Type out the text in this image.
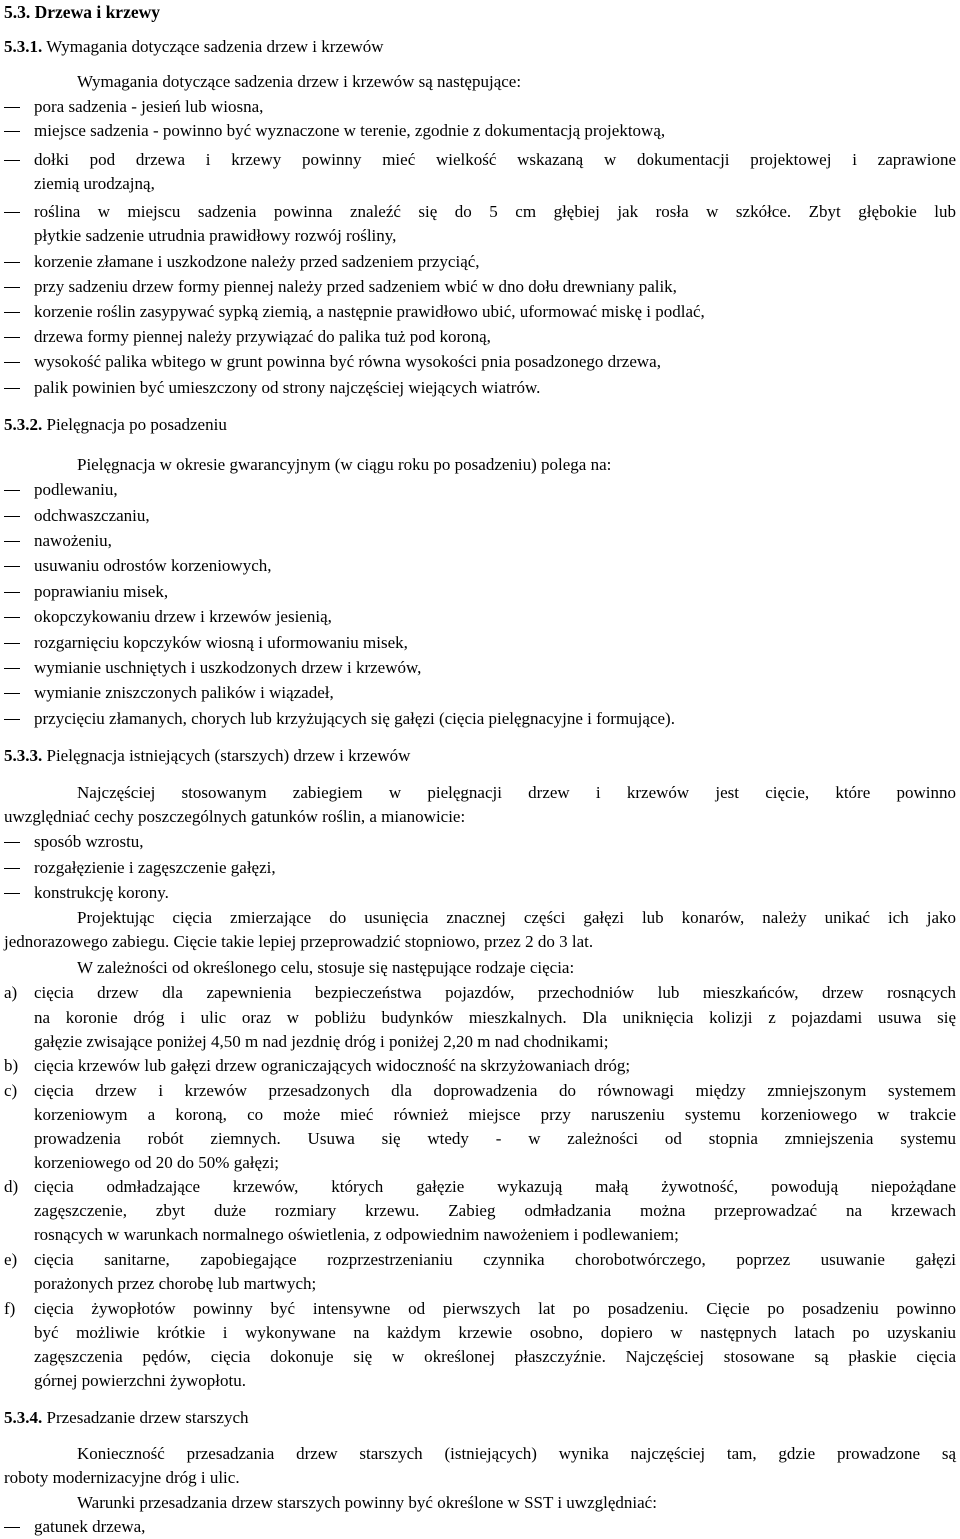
5.3. Drzewa i krzewy
5.3.1. Wymagania dotyczące sadzenia drzew i krzewów
Wymagania dotyczące sadzenia drzew i krzewów są następujące:
pora sadzenia - jesień lub wiosna,
miejsce sadzenia - powinno być wyznaczone w terenie, zgodnie z dokumentacją projektową,
dołki pod drzewa i krzewy powinny mieć wielkość wskazaną w dokumentacji projektowej i zaprawione
ziemią urodzajną,
roślina w miejscu sadzenia powinna znaleźć się do 5 cm głębiej jak rosła w szkółce. Zbyt głębokie lub
płytkie sadzenie utrudnia prawidłowy rozwój rośliny,
korzenie złamane i uszkodzone należy przed sadzeniem przyciąć,
przy sadzeniu drzew formy piennej należy przed sadzeniem wbić w dno dołu drewniany palik,
korzenie roślin zasypywać sypką ziemią, a następnie prawidłowo ubić, uformować miskę i podlać,
drzewa formy piennej należy przywiązać do palika tuż pod koroną,
wysokość palika wbitego w grunt powinna być równa wysokości pnia posadzonego drzewa,
palik powinien być umieszczony od strony najczęściej wiejących wiatrów.
5.3.2. Pielęgnacja po posadzeniu
Pielęgnacja w okresie gwarancyjnym (w ciągu roku po posadzeniu) polega na:
podlewaniu,
odchwaszczaniu,
nawożeniu,
usuwaniu odrostów korzeniowych,
poprawianiu misek,
okopczykowaniu drzew i krzewów jesienią,
rozgarnięciu kopczyków wiosną i uformowaniu misek,
wymianie uschniętych i uszkodzonych drzew i krzewów,
wymianie zniszczonych palików i wiązadeł,
przycięciu złamanych, chorych lub krzyżujących się gałęzi (cięcia pielęgnacyjne i formujące).
5.3.3. Pielęgnacja istniejących (starszych) drzew i krzewów
Najczęściej stosowanym zabiegiem w pielęgnacji drzew i krzewów jest cięcie, które powinno
uwzględniać cechy poszczególnych gatunków roślin, a mianowicie:
sposób wzrostu,
rozgałęzienie i zagęszczenie gałęzi,
konstrukcję korony.
Projektując cięcia zmierzające do usunięcia znacznej części gałęzi lub konarów, należy unikać ich jako
jednorazowego zabiegu. Cięcie takie lepiej przeprowadzić stopniowo, przez 2 do 3 lat.
W zależności od określonego celu, stosuje się następujące rodzaje cięcia:
a) cięcia drzew dla zapewnienia bezpieczeństwa pojazdów, przechodniów lub mieszkańców, drzew rosnących
na koronie dróg i ulic oraz w pobliżu budynków mieszkalnych. Dla uniknięcia kolizji z pojazdami usuwa się
gałęzie zwisające poniżej 4,50 m nad jezdnię dróg i poniżej 2,20 m nad chodnikami;
b) cięcia krzewów lub gałęzi drzew ograniczających widoczność na skrzyżowaniach dróg;
c) cięcia drzew i krzewów przesadzonych dla doprowadzenia do równowagi między zmniejszonym systemem
korzeniowym a koroną, co może mieć również miejsce przy naruszeniu systemu korzeniowego w trakcie
prowadzenia robót ziemnych. Usuwa się wtedy - w zależności od stopnia zmniejszenia systemu
korzeniowego od 20 do 50% gałęzi;
d) cięcia odmładzające krzewów, których gałęzie wykazują małą żywotność, powodują niepożądane
zagęszczenie, zbyt duże rozmiary krzewu. Zabieg odmładzania można przeprowadzać na krzewach
rosnących w warunkach normalnego oświetlenia, z odpowiednim nawożeniem i podlewaniem;
e) cięcia sanitarne, zapobiegające rozprzestrzenianiu czynnika chorobotwórczego, poprzez usuwanie gałęzi
porażonych przez chorobę lub martwych;
f) cięcia żywopłotów powinny być intensywne od pierwszych lat po posadzeniu. Cięcie po posadzeniu powinno
być możliwie krótkie i wykonywane na każdym krzewie osobno, dopiero w następnych latach po uzyskaniu
zagęszczenia pędów, cięcia dokonuje się w określonej płaszczyźnie. Najczęściej stosowane są płaskie cięcia
górnej powierzchni żywopłotu.
5.3.4. Przesadzanie drzew starszych
Konieczność przesadzania drzew starszych (istniejących) wynika najczęściej tam, gdzie prowadzone są
roboty modernizacyjne dróg i ulic.
Warunki przesadzania drzew starszych powinny być określone w SST i uwzględniać:
gatunek drzewa,
